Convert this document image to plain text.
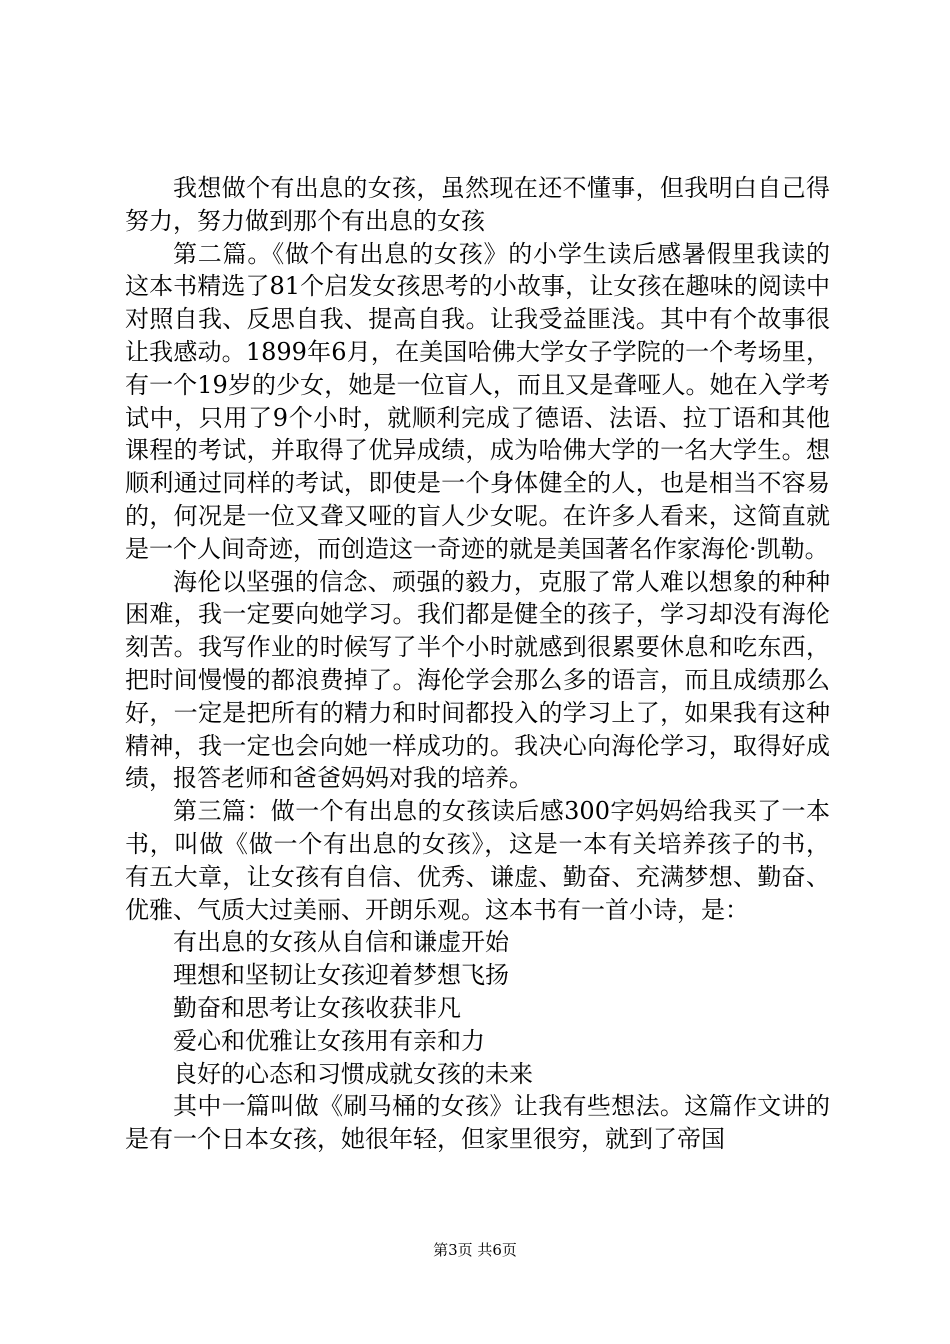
我想做个有出息的女孩，虽然现在还不懂事，但我明白自己得努力，努力做到那个有出息的女孩

第二篇。《做个有出息的女孩》的小学生读后感暑假里我读的这本书精选了81个启发女孩思考的小故事，让女孩在趣味的阅读中对照自我、反思自我、提高自我。让我受益匪浅。其中有个故事很让我感动。1899年6月，在美国哈佛大学女子学院的一个考场里，有一个19岁的少女，她是一位盲人，而且又是聋哑人。她在入学考试中，只用了9个小时，就顺利完成了德语、法语、拉丁语和其他课程的考试，并取得了优异成绩，成为哈佛大学的一名大学生。想顺利通过同样的考试，即使是一个身体健全的人，也是相当不容易的，何况是一位又聋又哑的盲人少女呢。在许多人看来，这简直就是一个人间奇迹，而创造这一奇迹的就是美国著名作家海伦·凯勒。

海伦以坚强的信念、顽强的毅力，克服了常人难以想象的种种困难，我一定要向她学习。我们都是健全的孩子，学习却没有海伦刻苦。我写作业的时候写了半个小时就感到很累要休息和吃东西，把时间慢慢的都浪费掉了。海伦学会那么多的语言，而且成绩那么好，一定是把所有的精力和时间都投入的学习上了，如果我有这种精神，我一定也会向她一样成功的。我决心向海伦学习，取得好成绩，报答老师和爸爸妈妈对我的培养。

第三篇：做一个有出息的女孩读后感300字妈妈给我买了一本书，叫做《做一个有出息的女孩》，这是一本有关培养孩子的书，有五大章，让女孩有自信、优秀、谦虚、勤奋、充满梦想、勤奋、优雅、气质大过美丽、开朗乐观。这本书有一首小诗，是：

有出息的女孩从自信和谦虚开始

理想和坚韧让女孩迎着梦想飞扬

勤奋和思考让女孩收获非凡

爱心和优雅让女孩用有亲和力

良好的心态和习惯成就女孩的未来

其中一篇叫做《刷马桶的女孩》让我有些想法。这篇作文讲的是有一个日本女孩，她很年轻，但家里很穷，就到了帝国

第3页 共6页
